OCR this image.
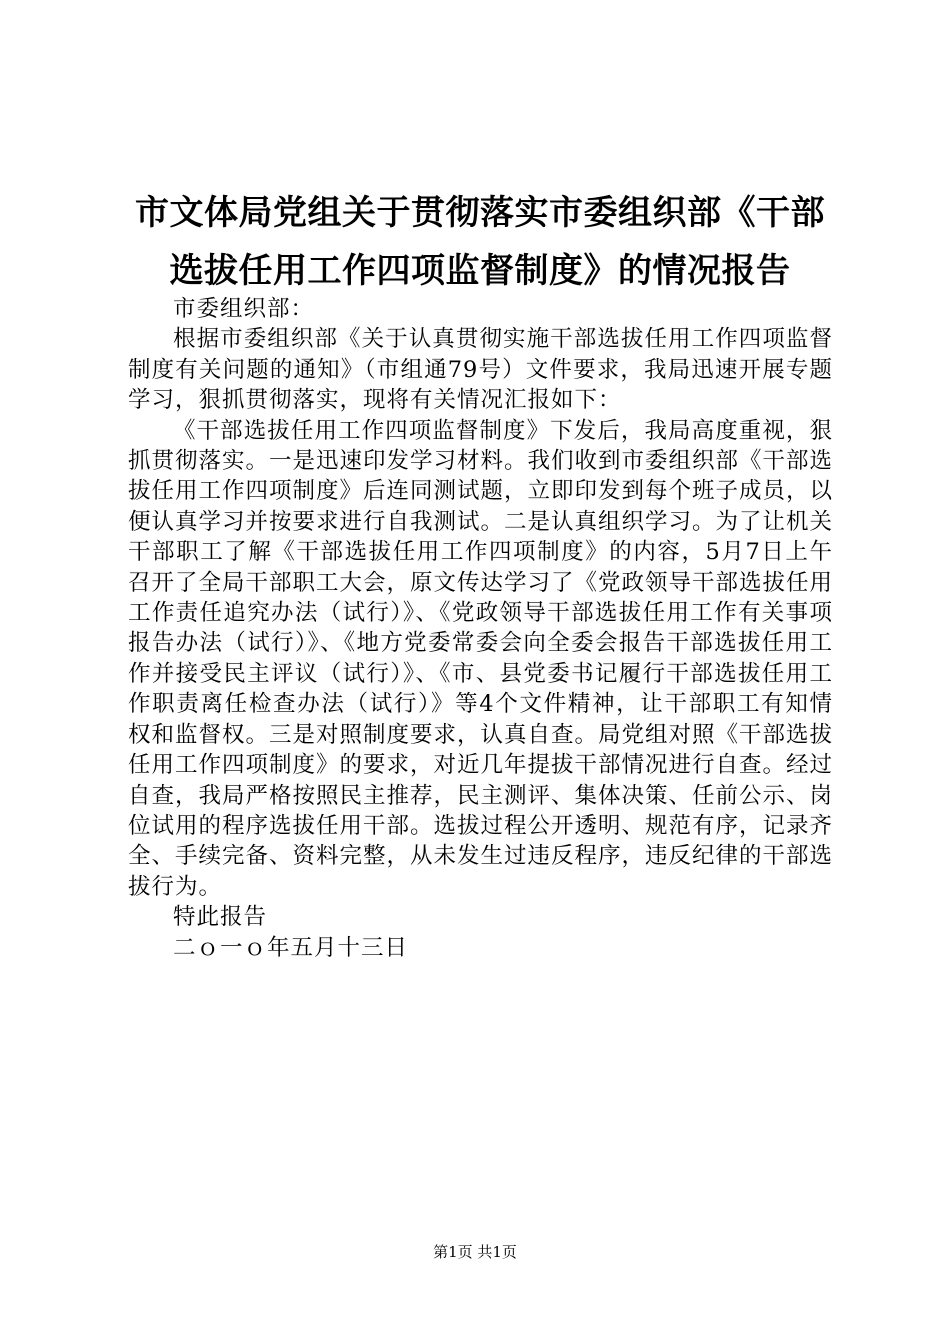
市文体局党组关于贯彻落实市委组织部《干部
选拔任用工作四项监督制度》的情况报告

市委组织部：

根据市委组织部《关于认真贯彻实施干部选拔任用工作四项监督制度有关问题的通知》（市组通79号）文件要求，我局迅速开展专题学习，狠抓贯彻落实，现将有关情况汇报如下：

《干部选拔任用工作四项监督制度》下发后，我局高度重视，狠抓贯彻落实。一是迅速印发学习材料。我们收到市委组织部《干部选拔任用工作四项制度》后连同测试题，立即印发到每个班子成员，以便认真学习并按要求进行自我测试。二是认真组织学习。为了让机关干部职工了解《干部选拔任用工作四项制度》的内容，5月7日上午召开了全局干部职工大会，原文传达学习了《党政领导干部选拔任用工作责任追究办法（试行）》、《党政领导干部选拔任用工作有关事项报告办法（试行）》、《地方党委常委会向全委会报告干部选拔任用工作并接受民主评议（试行）》、《市、县党委书记履行干部选拔任用工作职责离任检查办法（试行）》等4个文件精神，让干部职工有知情权和监督权。三是对照制度要求，认真自查。局党组对照《干部选拔任用工作四项制度》的要求，对近几年提拔干部情况进行自查。经过自查，我局严格按照民主推荐，民主测评、集体决策、任前公示、岗位试用的程序选拔任用干部。选拔过程公开透明、规范有序，记录齐全、手续完备、资料完整，从未发生过违反程序，违反纪律的干部选拔行为。

特此报告

二ｏ一ｏ年五月十三日

第1页 共1页
